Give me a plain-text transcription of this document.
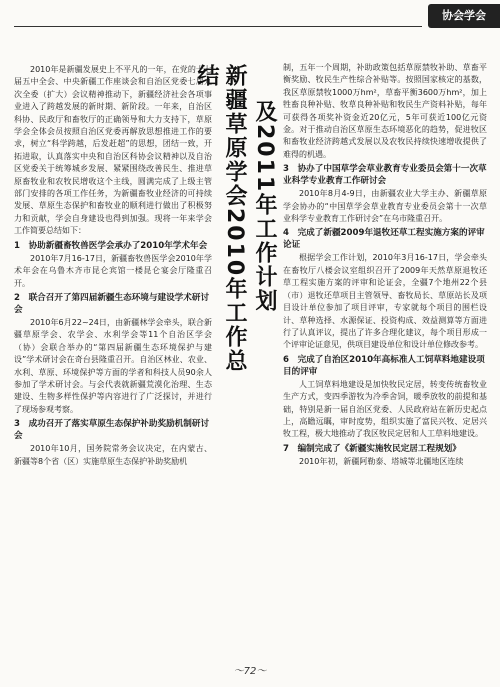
协会学会

2010年是新疆发展史上不平凡的一年，在党的十七届五中全会、中央新疆工作座谈会和自治区党委七届九次全委（扩大）会议精神推动下，新疆经济社会各项事业进入了跨越发展的新时期、新阶段。一年来，自治区科协、民政厅和畜牧厅的正确领导和大力支持下，草原学会全体会员按照自治区党委再解放思想推进工作的要求，树立“科学跨越，后发赶超”的思想，团结一致，开拓进取，认真落实中央和自治区科协会议精神以及自治区党委关于统筹城乡发展、紧紧围绕改善民生、推进草原畜牧业和农牧民增收这个主线，圆满完成了上级主管部门安排的各项工作任务，为新疆畜牧业经济的可持续发展、草原生态保护和畜牧业的顺利进行做出了积极努力和贡献，学会自身建设也得到加强。现将一年来学会工作简要总结如下：

1　协助新疆畜牧兽医学会承办了2010年学术年会

2010年7月16-17日，新疆畜牧兽医学会2010年学术年会在乌鲁木齐市昆仑宾馆一楼昆仑宴会厅隆重召开。

2　联合召开了第四届新疆生态环境与建设学术研讨会

2010年6月22~24日，由新疆林学会牵头，联合新疆草原学会、农学会、水利学会等11个自治区学会（协）会联合举办的“第四届新疆生态环境保护与建设”学术研讨会在奇台县隆重召开。自治区林业、农业、水利、草原、环境保护等方面的学者和科技人员90余人参加了学术研讨会。与会代表就新疆荒漠化治理、生态建设、生物多样性保护等内容进行了广泛探讨，并进行了现场参观考察。

3　成功召开了落实草原生态保护补助奖励机制研讨会

2010年10月，国务院常务会议决定，在内蒙古、新疆等8个省（区）实施草原生态保护补助奖励机

新疆草原学会2010年工作总结
及2011年工作计划

制，五年一个周期，补助政策包括草原禁牧补助、草畜平衡奖励、牧民生产性综合补贴等。按照国家核定的基数，我区草原禁牧1000万hm²，草畜平衡3600万hm²，加上牲畜良种补贴、牧草良种补贴和牧民生产资料补贴，每年可获得各项奖补资金近20亿元，5年可获近100亿元资金。对于推动自治区草原生态环境恶化的趋势，促进牧区和畜牧业经济跨越式发展以及农牧民持续快速增收提供了难得的机遇。

3　协办了中国草学会草业教育专业委员会第十一次草业科学专业教育工作研讨会

2010年8月4-9日，由新疆农业大学主办、新疆草原学会协办的“中国草学会草业教育专业委员会第十一次草业科学专业教育工作研讨会”在乌市隆重召开。

4　完成了新疆2009年退牧还草工程实施方案的评审论证

根据学会工作计划，2010年3月16-17日，学会牵头在畜牧厅八楼会议室组织召开了2009年天然草原退牧还草工程实施方案的评审和论证会，全疆7个地州22个县（市）退牧还草项目主管领导、畜牧局长、草原站长及项目设计单位参加了项目评审，专家就每个项目的围栏设计、草种选择、水源保证、投资构成、效益测算等方面进行了认真评议，提出了许多合理化建议，每个项目形成一个评审论证意见，供项目建设单位和设计单位修改参考。

6　完成了自治区2010年高标准人工饲草料地建设项目的评审

人工饲草料地建设是加快牧民定居，转变传统畜牧业生产方式，变四季游牧为冷季舍饲，暖季放牧的前提和基础，特别是新一届自治区党委、人民政府站在新历史起点上，高瞻远瞩，审时度势，组织实施了富民兴牧、定居兴牧工程，极大地推动了我区牧民定居和人工草料地建设。

7　编制完成了《新疆实施牧民定居工程规划》

2010年初，新疆阿勒泰、塔城等北疆地区连续

～72～
